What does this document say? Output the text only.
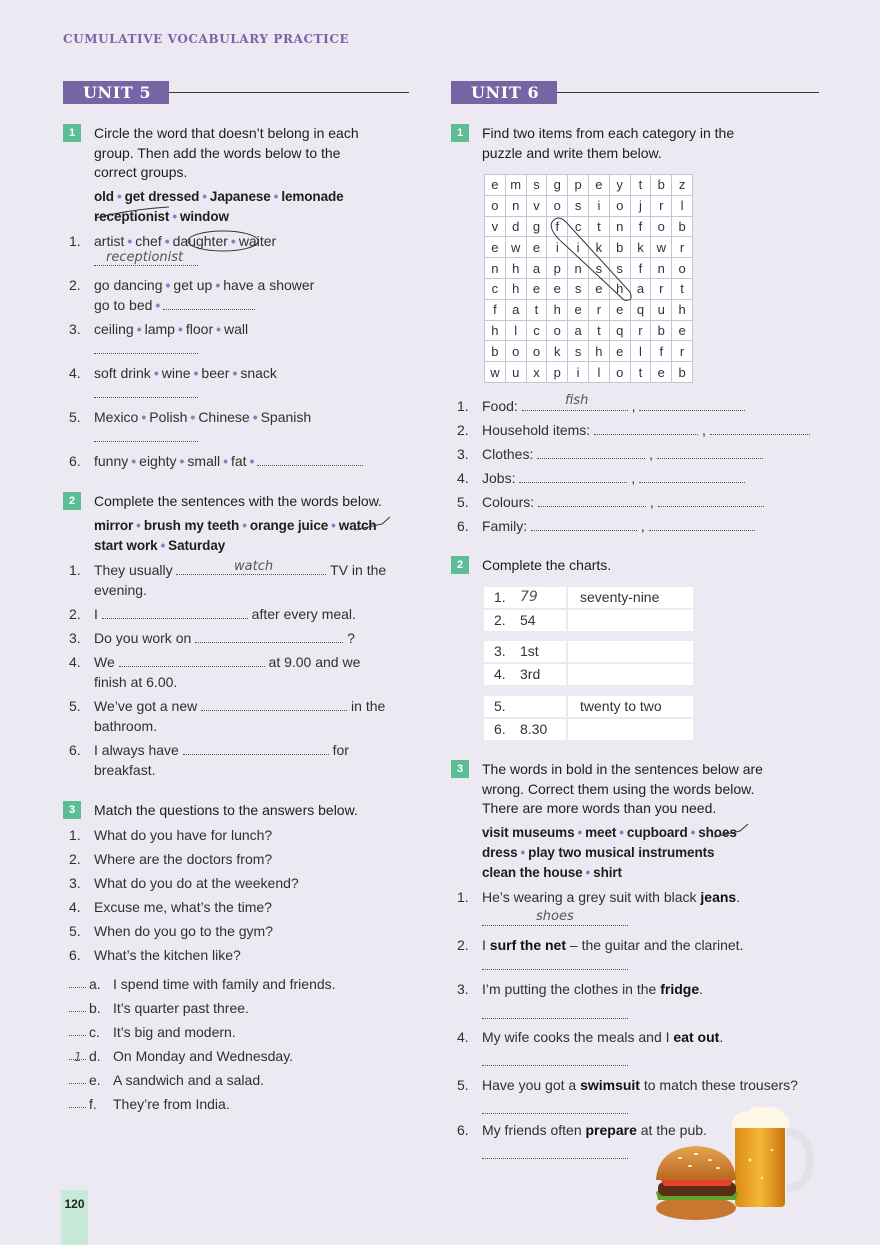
CUMULATIVE VOCABULARY PRACTICE
UNIT 5
1	Circle the word that doesn’t belong in each
group. Then add the words below to the
correct groups.
old • get dressed • Japanese • lemonade
receptionist • window
1. artist • chef • daughter • waiter
receptionist
2. go dancing • get up • have a shower
go to bed •
3. ceiling • lamp • floor • wall
4. soft drink • wine • beer • snack
5. Mexico • Polish • Chinese • Spanish
6. funny • eighty • small • fat •
2	Complete the sentences with the words below.
mirror • brush my teeth • orange juice • watch
start work • Saturday
1. They usually	TV in the
evening.
watch
2. I	after every meal.
3. Do you work on	?
4. We	at 9.00 and we
finish at 6.00.
5. We’ve got a new	in the
bathroom.
6. I always have	for
breakfast.
3	Match the questions to the answers below.
1. What do you have for lunch?
2. Where are the doctors from?
3. What do you do at the weekend?
4. Excuse me, what’s the time?
5. When do you go to the gym?
6. What’s the kitchen like?
a. I spend time with family and friends.
b. It’s quarter past three.
c. It’s big and modern.
1 d. On Monday and Wednesday.
e. A sandwich and a salad.
f. They’re from India.
UNIT 6
1	Find two items from each category in the
puzzle and write them below.
e	m	s	g	p	e	y	t	b	z
o	n	v	o	s	i	o	j	r	l
v	d	g	f	c	t	n	f	o	b
e	w	e	i	i	k	b	k	w	r
n	h	a	p	n	s	s	f	n	o
c	h	e	e	s	e	h	a	r	t
f	a	t	h	e	r	e	q	u	h
h	l	c	o	a	t	q	r	b	e
b	o	o	k	s	h	e	l	f	r
w	u	x	p	i	l	o	t	e	b
1. Food:	,
fish
2. Household items:	,
3. Clothes:	,
4. Jobs:	,
5. Colours:	,
6. Family:	,
2	Complete the charts.
1. 79	seventy-nine
2. 54
3. 1st
4. 3rd
5.	twenty to two
6. 8.30
3	The words in bold in the sentences below are
wrong. Correct them using the words below.
There are more words than you need.
visit museums • meet • cupboard • shoes
dress • play two musical instruments
clean the house • shirt
1. He’s wearing a grey suit with black jeans.
shoes
2. I surf the net – the guitar and the clarinet.
3. I’m putting the clothes in the fridge.
4. My wife cooks the meals and I eat out.
5. Have you got a swimsuit to match these trousers?
6. My friends often prepare at the pub.
120
